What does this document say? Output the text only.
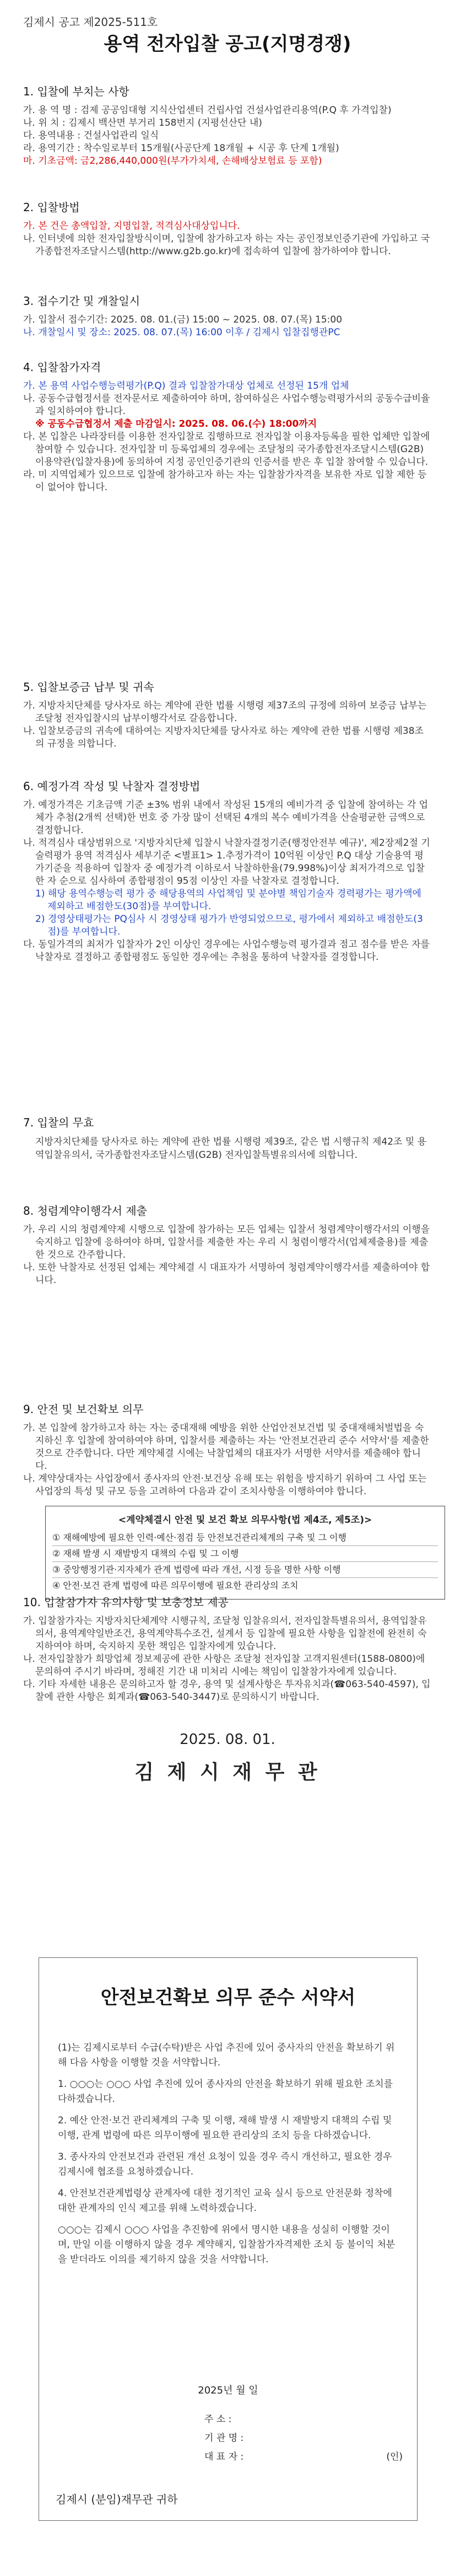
김제시 공고 제2025-511호
용역 전자입찰 공고(지명경쟁)
1. 입찰에 부치는 사항
가. 용 역 명 : 검제 공공임대형 지식산업센터 건립사업 건설사업관리용역(P.Q 후 가격입찰)
나. 위 치 : 김제시 백산면 부거리 158번지 (지평선산단 내)
다. 용역내용 : 건설사업관리 일식
라. 용역기간 : 착수일로부터 15개월(사공단계 18개월 + 시공 후 단계 1개월)
마. 기초금액: 금2,286,440,000원(부가가치세, 손해배상보험료 등 포함)
2. 입찰방법
가. 본 건은 총액입찰, 지명입찰, 적격심사대상입니다.
나. 인터넷에 의한 전자입찰방식이며, 입찰에 참가하고자 하는 자는 공인정보인증기관에 가입하고 국가종합전자조달시스템(http://www.g2b.go.kr)에 접속하여 입찰에 참가하여야 합니다.
3. 접수기간 및 개찰일시
가. 입찰서 접수기간: 2025. 08. 01.(금) 15:00 ~ 2025. 08. 07.(목) 15:00
나. 개찰일시 및 장소: 2025. 08. 07.(목) 16:00 이후 / 김제시 입찰집행관PC
4. 입찰참가자격
가. 본 용역 사업수행능력평가(P.Q) 결과 입찰참가대상 업체로 선정된 15개 업체
나. 공동수급협정서를 전자문서로 제출하여야 하며, 참여하실은 사업수행능력평가서의 공동수급비율과 일치하여야 합니다.
※ 공동수급협정서 제출 마감일시: 2025. 08. 06.(수) 18:00까지
다. 본 입찰은 나라장터를 이용한 전자입찰로 집행하므로 전자입찰 이용자등록을 필한 업체만 입찰에 참여할 수 있습니다. 전자입찰 미 등록업체의 경우에는 조달청의 국가종합전자조달시스템(G2B) 이용약관(입찰자용)에 동의하여 지정 공인인증기관의 인증서를 받은 후 입찰 참여할 수 있습니다.
라. 미 지역업체가 있으므로 입찰에 참가하고자 하는 자는 입찰참가자격을 보유한 자로 입찰 제한 등이 없어야 합니다.
5. 입찰보증금 납부 및 귀속
가. 지방자치단체를 당사자로 하는 계약에 관한 법률 시행령 제37조의 규정에 의하여 보증금 납부는 조달청 전자입찰시의 납부이행각서로 갈음합니다.
나. 입찰보증금의 귀속에 대하여는 지방자치단체를 당사자로 하는 계약에 관한 법률 시행령 제38조의 규정을 의합니다.
6. 예정가격 작성 및 낙찰자 결정방법
가. 예정가격은 기초금액 기준 ±3% 범위 내에서 작성된 15개의 예비가격 중 입찰에 참여하는 각 업체가 추첨(2개씩 선택)한 번호 중 가장 많이 선택된 4개의 복수 예비가격을 산술평균한 금액으로 결정합니다.
나. 적격심사 대상범위으로 '지방자치단체 입찰시 낙찰자결정기준(행정안전부 예규)', 제2장제2절 기술력평가 용역 적격심사 세부기준 <별표1> 1.추정가격이 10억원 이상인 P.Q 대상 기술용역 평가기준을 적용하여 입찰자 중 예정가격 이하로서 낙찰하한율(79.998%)이상 최저가격으로 입찰한 자 순으로 심사하여 종합평점이 95점 이상인 자를 낙찰자로 결정합니다.
1) 해당 용역수행능력 평가 중 해당용역의 사업책임 및 분야별 책임기술자 경력평가는 평가액에 제외하고 배점한도(30점)를 부여합니다.
2) 경영상태평가는 PQ심사 시 경영상태 평가가 반영되었으므로, 평가에서 제외하고 배점한도(3점)를 부여합니다.
다. 동일가격의 최저가 입찰자가 2인 이상인 경우에는 사업수행능력 평가결과 점고 점수를 받은 자를 낙찰자로 결정하고 종합평점도 동일한 경우에는 추첨을 통하여 낙찰자를 결정합니다.
7. 입찰의 무효
지방자치단체를 당사자로 하는 계약에 관한 법률 시행령 제39조, 같은 법 시행규칙 제42조 및 용역입찰유의서, 국가종합전자조달시스템(G2B) 전자입찰특별유의서에 의합니다.
8. 청렴계약이행각서 제출
가. 우리 시의 청렴계약제 시행으로 입찰에 참가하는 모든 업체는 입찰서 청렴계약이행각서의 이행을 숙지하고 입찰에 응하여야 하며, 입찰서를 제출한 자는 우리 시 청렴이행각서(업체제출용)를 제출한 것으로 간주합니다.
나. 또한 낙찰자로 선정된 업체는 계약체결 시 대표자가 서명하여 청렴계약이행각서를 제출하여야 합니다.
9. 안전 및 보건확보 의무
가. 본 입찰에 참가하고자 하는 자는 중대재해 예방을 위한 산업안전보건법 및 중대재해처벌법을 숙지하신 후 입찰에 참여하여야 하며, 입찰서를 제출하는 자는 '안전보건관리 준수 서약서'를 제출한 것으로 간주합니다. 다만 계약체결 시에는 낙찰업체의 대표자가 서명한 서약서를 제출해야 합니다.
나. 계약상대자는 사업장에서 종사자의 안전·보건상 유해 또는 위험을 방지하기 위하여 그 사업 또는 사업장의 특성 및 규모 등을 고려하여 다음과 같이 조치사항을 이행하여야 합니다.
<계약체결시 안전 및 보건 확보 의무사항(법 제4조, 제5조)>
① 재해예방에 필요한 인력·예산·점검 등 안전보건관리체계의 구축 및 그 이행
② 재해 발생 시 재발방지 대책의 수립 및 그 이행
③ 중앙행정기관·지자체가 관계 법령에 따라 개선, 시정 등을 명한 사항 이행
④ 안전·보건 관계 법령에 따른 의무이행에 필요한 관리상의 조치
10. 입찰참가자 유의사항 및 보충정보 제공
가. 입찰참가자는 지방자치단체계약 시행규칙, 조달청 입찰유의서, 전자입찰특별유의서, 용역입찰유의서, 용역계약일반조건, 용역계약특수조건, 설계서 등 입찰에 필요한 사항을 입찰전에 완전히 숙지하여야 하며, 숙지하지 못한 책임은 입찰자에게 있습니다.
나. 전자입찰참가 희망업체 정보제공에 관한 사항은 조달청 전자입찰 고객지원센터(1588-0800)에 문의하여 주시기 바라며, 정해진 기간 내 미처리 시에는 책임이 입찰참가자에게 있습니다.
다. 기타 자세한 내용은 문의하고자 할 경우, 용역 및 설계사항은 투자유치과(☎063-540-4597), 입찰에 관한 사항은 회계과(☎063-540-3447)로 문의하시기 바랍니다.
2025. 08. 01.
김 제 시 재 무 관
안전보건확보 의무 준수 서약서

(1)는 김제시로부터 수급(수탁)받은 사업 추진에 있어 중사자의 안전을 확보하기 위해 다음 사항을 이행할 것을 서약합니다.

1. ○○○는 ○○○ 사업 추진에 있어 종사자의 안전을 확보하기 위해 필요한 조치를 다하겠습니다.

2. 예산 안전·보건 관리체계의 구축 및 이행, 재해 발생 시 재발방지 대책의 수립 및 이행, 관계 법령에 따른 의무이행에 필요한 관리상의 조치 등을 다하겠습니다.

3. 종사자의 안전보건과 관련된 개선 요청이 있을 경우 즉시 개선하고, 필요한 경우 김제시에 협조를 요청하겠습니다.

4. 안전보건관계법령상 관계자에 대한 정기적인 교육 실시 등으로 안전문화 정착에 대한 관계자의 인식 제고를 위해 노력하겠습니다.

○○○는 김제시 ○○○ 사업을 추진함에 위에서 명시한 내용을 성실히 이행할 것이며, 만일 이를 이행하지 않을 경우 계약해지, 입찰참가자격제한 조치 등 불이익 처분을 받더라도 이의를 제기하지 않을 것을 서약합니다.

2025년 월 일
주 소 :
기 관 명 :
대 표 자 :	(인)
김제시 (분임)재무관 귀하
